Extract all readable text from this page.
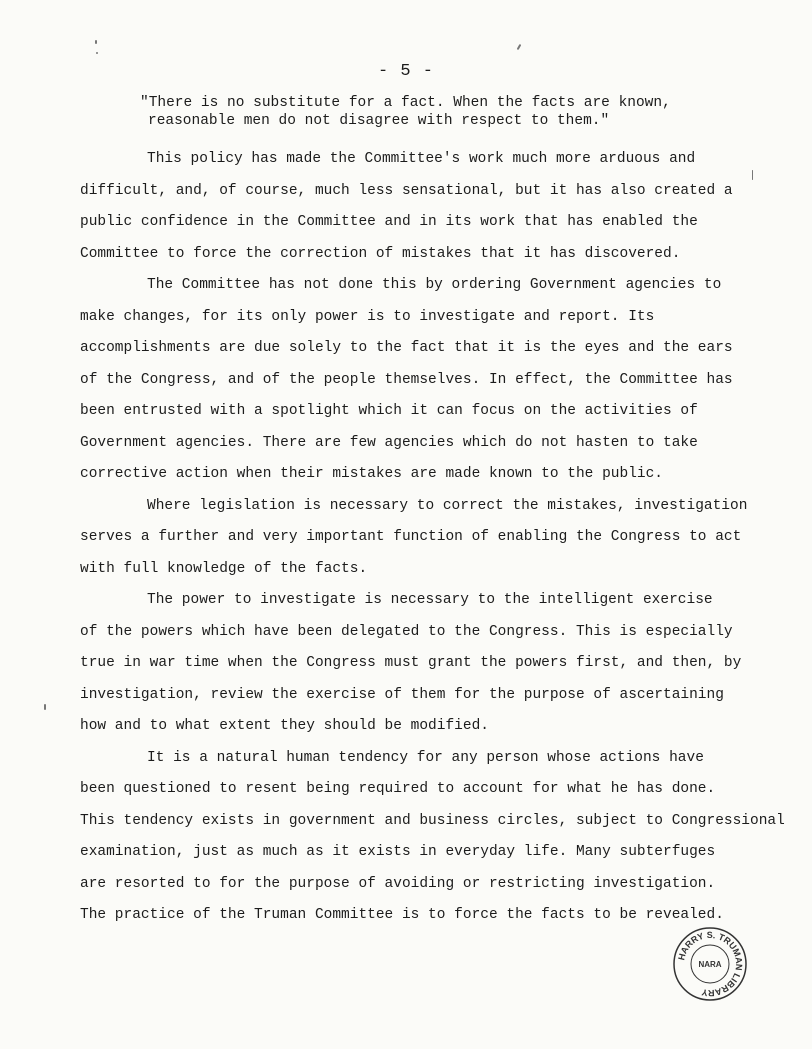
- 5 -
"There is no substitute for a fact. When the facts are known,
reasonable men do not disagree with respect to them."
This policy has made the Committee's work much more arduous and
difficult, and, of course, much less sensational, but it has also created a
public confidence in the Committee and in its work that has enabled the
Committee to force the correction of mistakes that it has discovered.
The Committee has not done this by ordering Government agencies to
make changes, for its only power is to investigate and report. Its
accomplishments are due solely to the fact that it is the eyes and the ears
of the Congress, and of the people themselves. In effect, the Committee has
been entrusted with a spotlight which it can focus on the activities of
Government agencies. There are few agencies which do not hasten to take
corrective action when their mistakes are made known to the public.
Where legislation is necessary to correct the mistakes, investigation
serves a further and very important function of enabling the Congress to act
with full knowledge of the facts.
The power to investigate is necessary to the intelligent exercise
of the powers which have been delegated to the Congress. This is especially
true in war time when the Congress must grant the powers first, and then, by
investigation, review the exercise of them for the purpose of ascertaining
how and to what extent they should be modified.
It is a natural human tendency for any person whose actions have
been questioned to resent being required to account for what he has done.
This tendency exists in government and business circles, subject to Congressional
examination, just as much as it exists in everyday life. Many subterfuges
are resorted to for the purpose of avoiding or restricting investigation.
The practice of the Truman Committee is to force the facts to be revealed.
HARRY S. TRUMAN LIBRARY
NARA
